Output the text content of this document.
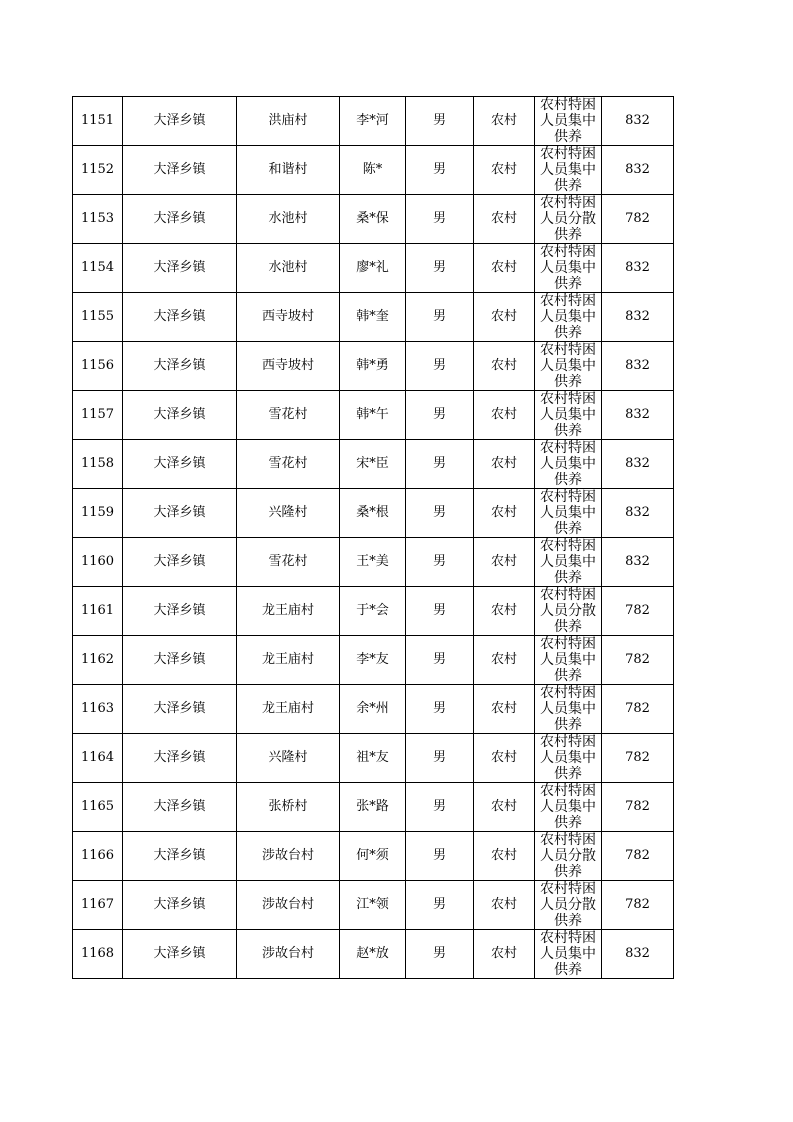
1151	大泽乡镇	洪庙村	李*河	男	农村	农村特困人员集中供养	832
1152	大泽乡镇	和谐村	陈*	男	农村	农村特困人员集中供养	832
1153	大泽乡镇	水池村	桑*保	男	农村	农村特困人员分散供养	782
1154	大泽乡镇	水池村	廖*礼	男	农村	农村特困人员集中供养	832
1155	大泽乡镇	西寺坡村	韩*奎	男	农村	农村特困人员集中供养	832
1156	大泽乡镇	西寺坡村	韩*勇	男	农村	农村特困人员集中供养	832
1157	大泽乡镇	雪花村	韩*午	男	农村	农村特困人员集中供养	832
1158	大泽乡镇	雪花村	宋*臣	男	农村	农村特困人员集中供养	832
1159	大泽乡镇	兴隆村	桑*根	男	农村	农村特困人员集中供养	832
1160	大泽乡镇	雪花村	王*美	男	农村	农村特困人员集中供养	832
1161	大泽乡镇	龙王庙村	于*会	男	农村	农村特困人员分散供养	782
1162	大泽乡镇	龙王庙村	李*友	男	农村	农村特困人员集中供养	782
1163	大泽乡镇	龙王庙村	余*州	男	农村	农村特困人员集中供养	782
1164	大泽乡镇	兴隆村	祖*友	男	农村	农村特困人员集中供养	782
1165	大泽乡镇	张桥村	张*路	男	农村	农村特困人员集中供养	782
1166	大泽乡镇	涉故台村	何*须	男	农村	农村特困人员分散供养	782
1167	大泽乡镇	涉故台村	江*领	男	农村	农村特困人员分散供养	782
1168	大泽乡镇	涉故台村	赵*放	男	农村	农村特困人员集中供养	832
